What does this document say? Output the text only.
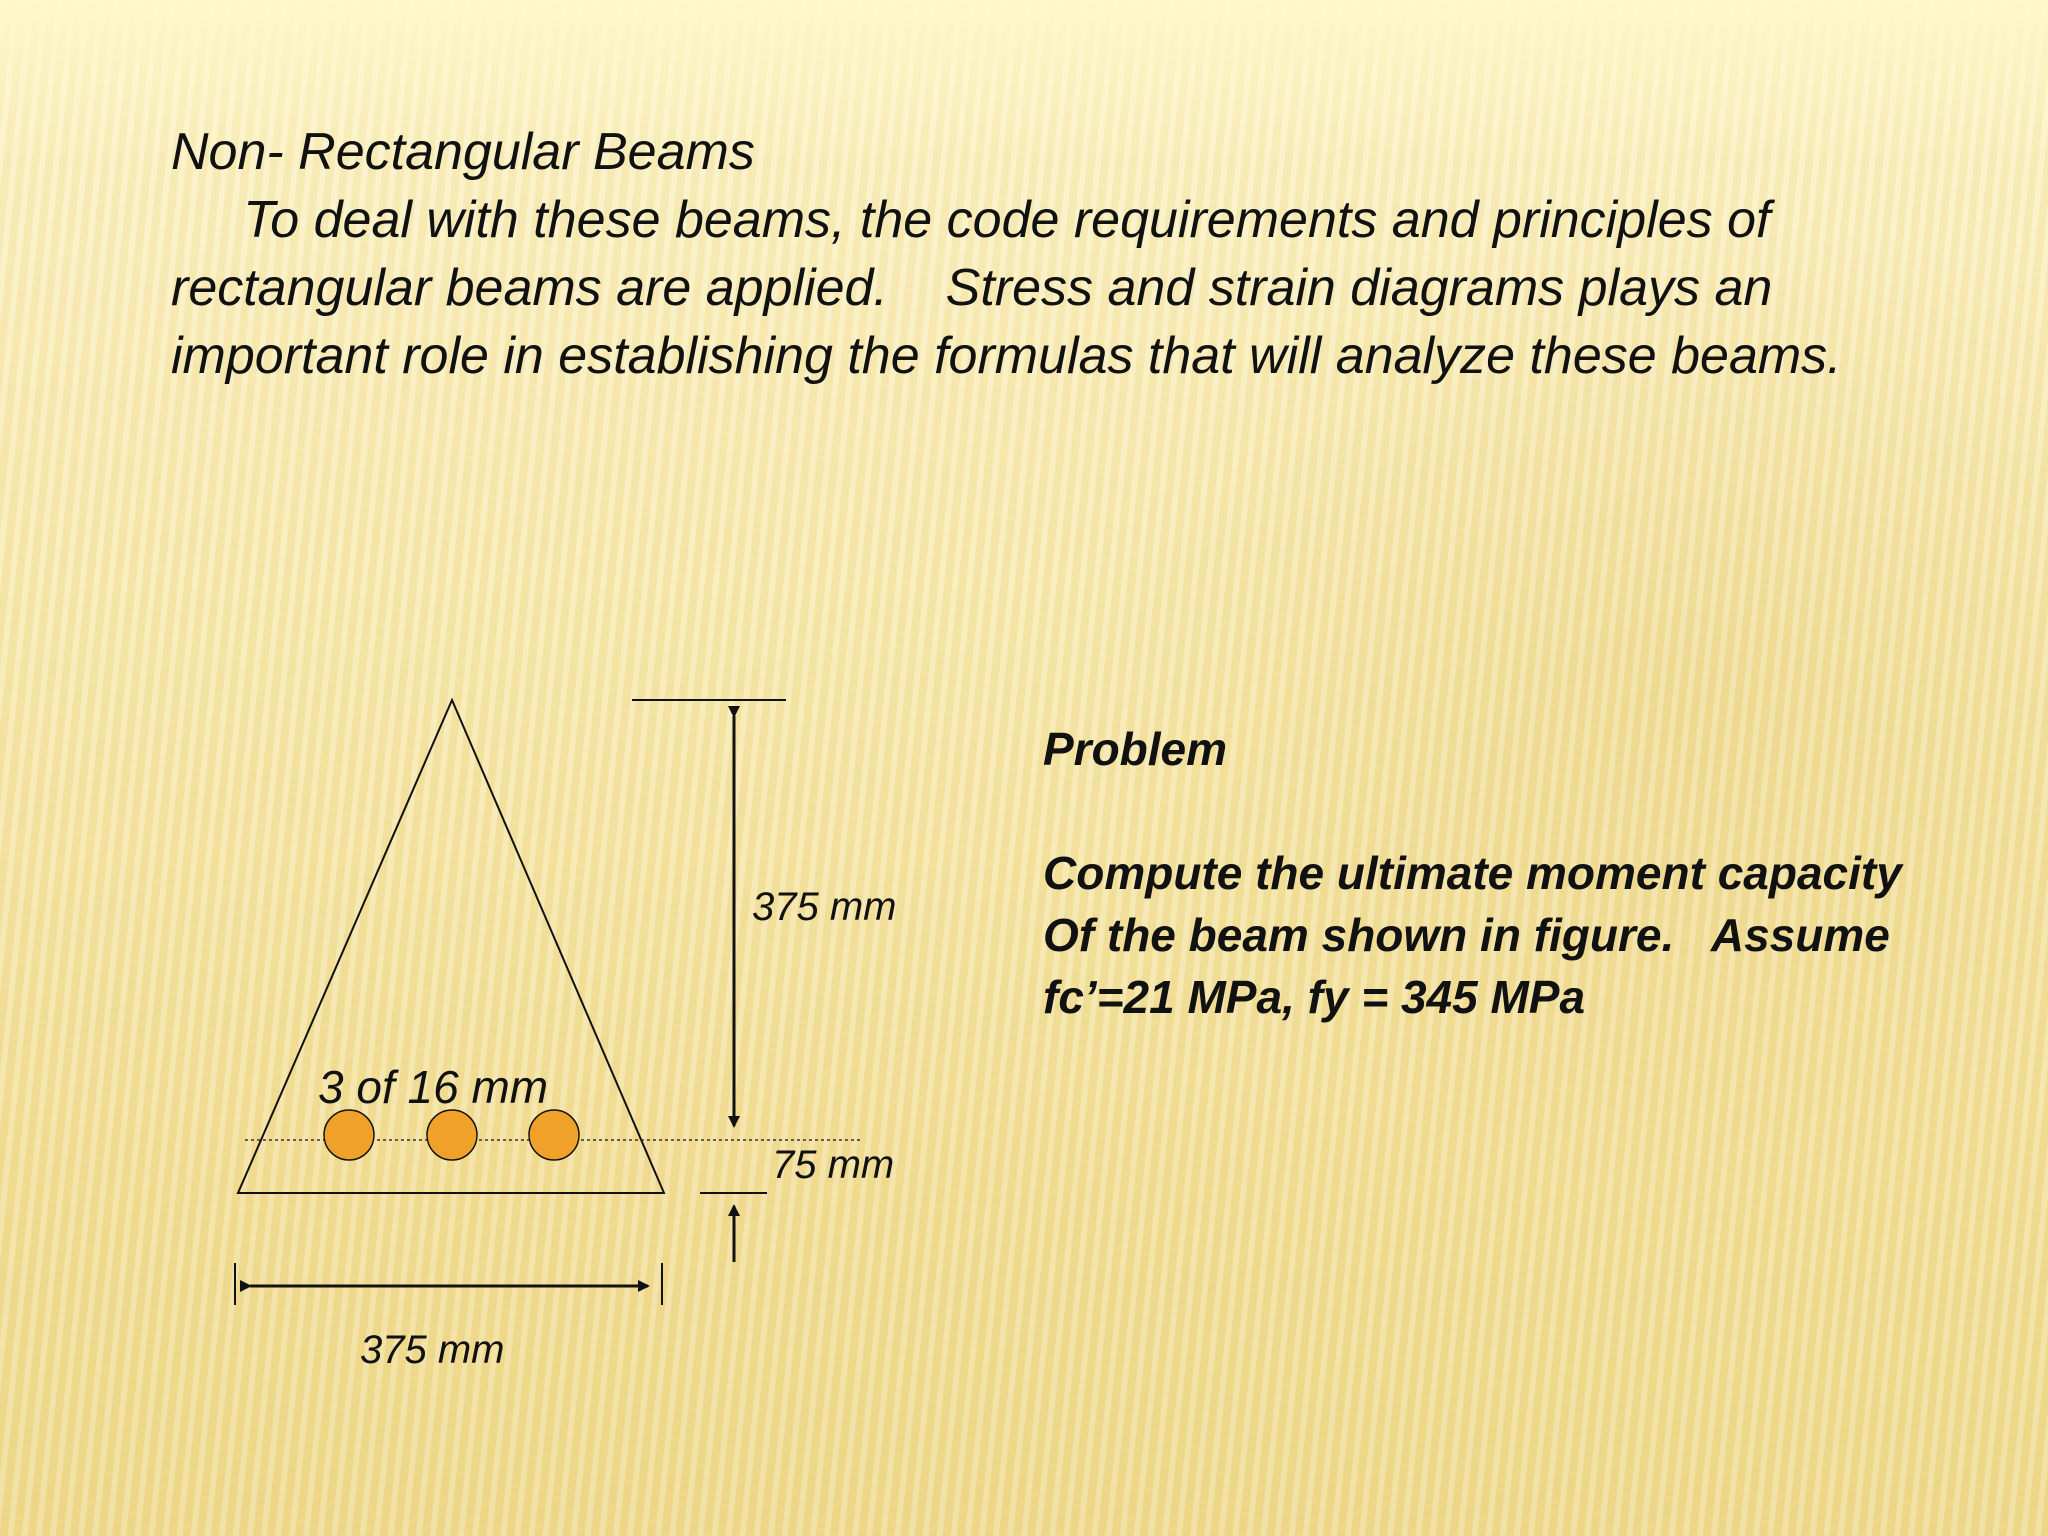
Non- Rectangular Beams
To deal with these beams, the code requirements and principles of rectangular beams are applied.    Stress and strain diagrams plays an important role in establishing the formulas that will analyze these beams.
3 of 16 mm
375 mm
75 mm
375 mm
Problem
Compute the ultimate moment capacity
Of the beam shown in figure.   Assume
fc’=21 MPa, fy = 345 MPa
